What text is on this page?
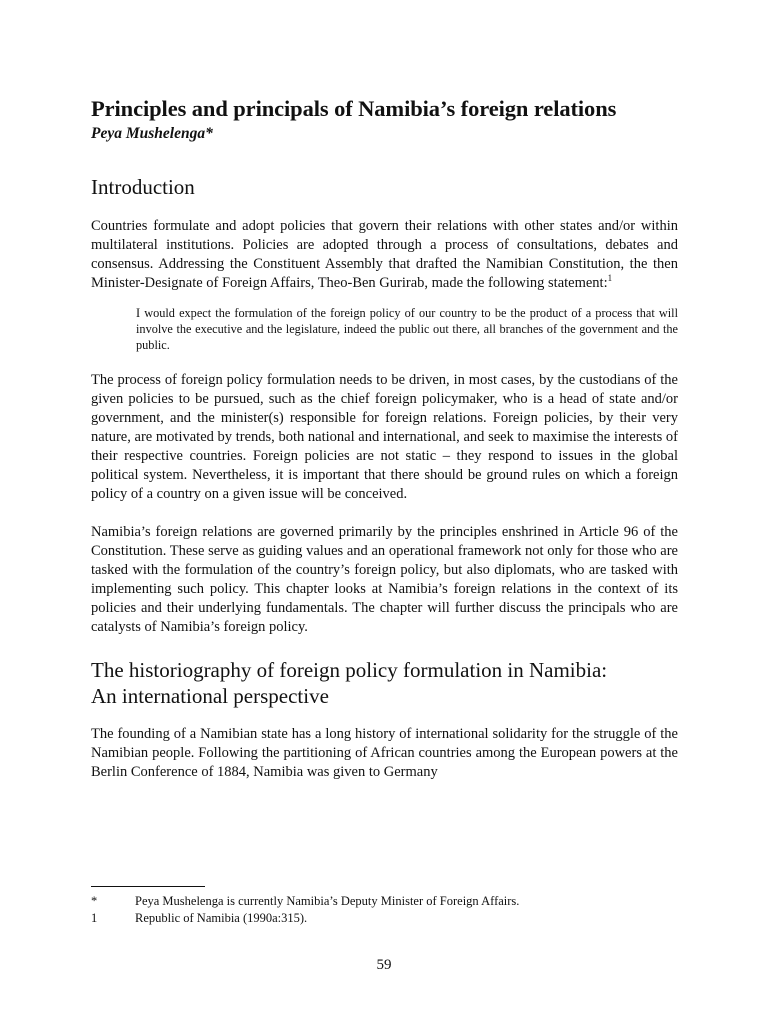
Principles and principals of Namibia’s foreign relations
Peya Mushelenga*
Introduction

Countries formulate and adopt policies that govern their relations with other states and/or within multilateral institutions. Policies are adopted through a process of consultations, debates and consensus. Addressing the Constituent Assembly that drafted the Namibian Constitution, the then Minister-Designate of Foreign Affairs, Theo-Ben Gurirab, made the following statement:$^1$

I would expect the formulation of the foreign policy of our country to be the product of a process that will involve the executive and the legislature, indeed the public out there, all branches of the government and the public.

The process of foreign policy formulation needs to be driven, in most cases, by the custodians of the given policies to be pursued, such as the chief foreign policymaker, who is a head of state and/or government, and the minister(s) responsible for foreign relations. Foreign policies, by their very nature, are motivated by trends, both national and international, and seek to maximise the interests of their respective countries. Foreign policies are not static – they respond to issues in the global political system. Nevertheless, it is important that there should be ground rules on which a foreign policy of a country on a given issue will be conceived.

Namibia’s foreign relations are governed primarily by the principles enshrined in Article 96 of the Constitution. These serve as guiding values and an operational framework not only for those who are tasked with the formulation of the country’s foreign policy, but also diplomats, who are tasked with implementing such policy. This chapter looks at Namibia’s foreign relations in the context of its policies and their underlying fundamentals. The chapter will further discuss the principals who are catalysts of Namibia’s foreign policy.

The historiography of foreign policy formulation in Namibia:
An international perspective

The founding of a Namibian state has a long history of international solidarity for the struggle of the Namibian people. Following the partitioning of African countries among the European powers at the Berlin Conference of 1884, Namibia was given to Germany

*	Peya Mushelenga is currently Namibia’s Deputy Minister of Foreign Affairs.
1	Republic of Namibia (1990a:315).
59
